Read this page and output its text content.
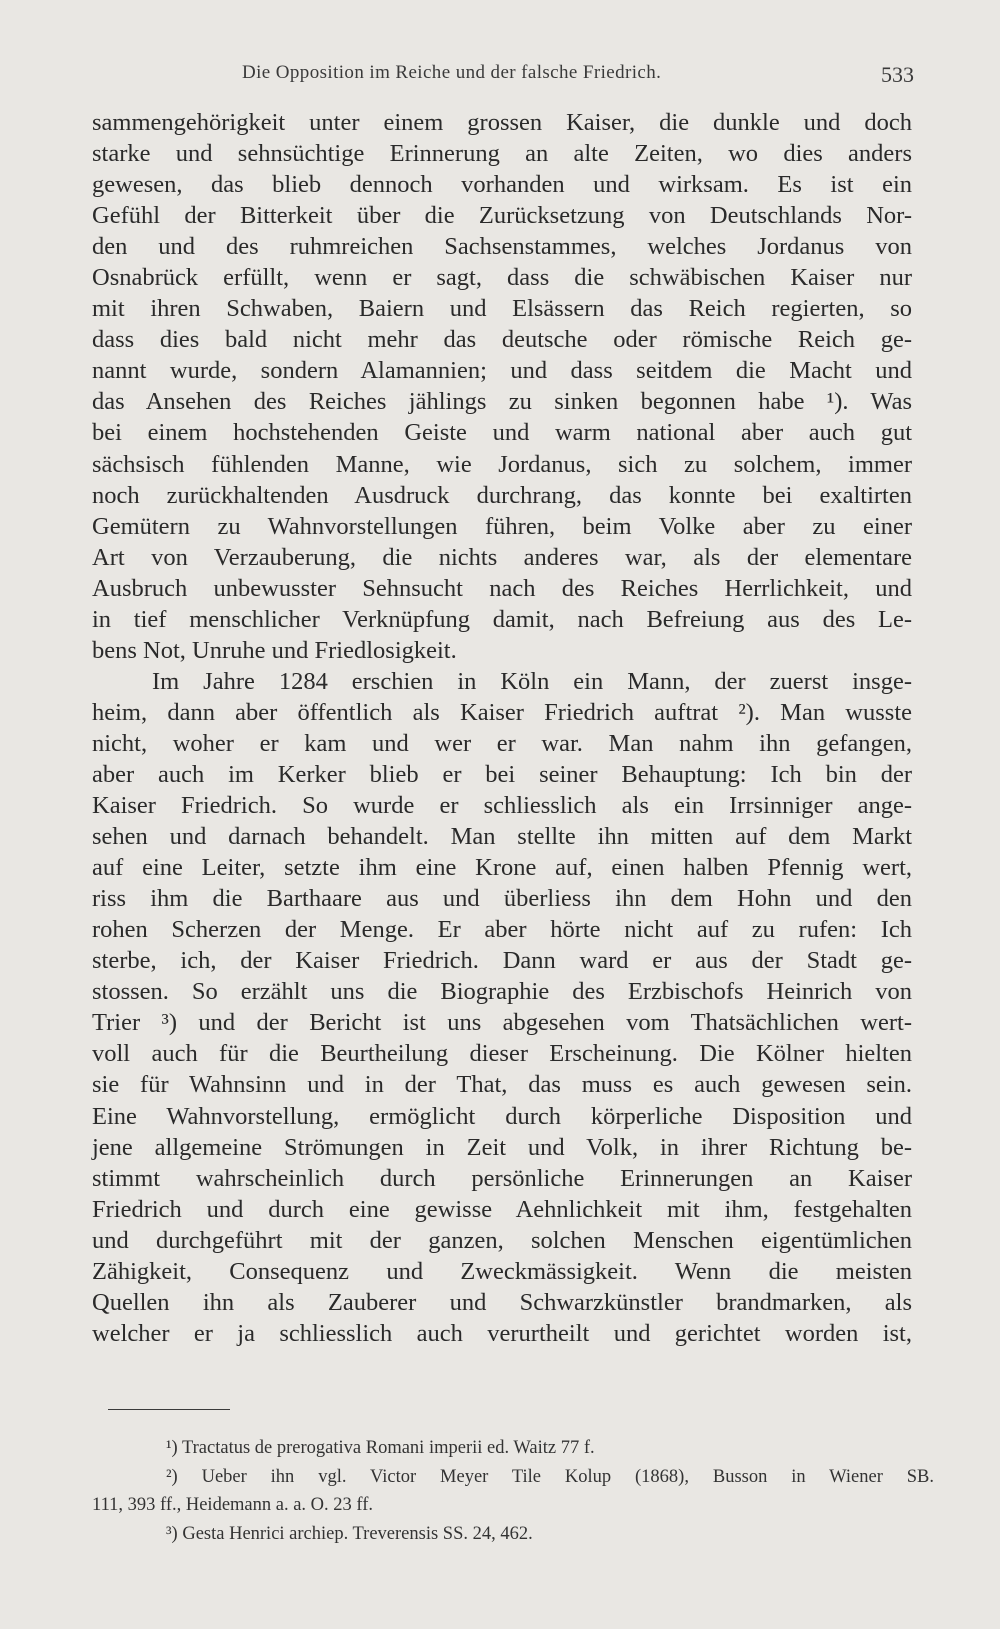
Die Opposition im Reiche und der falsche Friedrich.	533
sammengehörigkeit unter einem grossen Kaiser, die dunkle und doch
starke und sehnsüchtige Erinnerung an alte Zeiten, wo dies anders
gewesen, das blieb dennoch vorhanden und wirksam. Es ist ein
Gefühl der Bitterkeit über die Zurücksetzung von Deutschlands Nor-
den und des ruhmreichen Sachsenstammes, welches Jordanus von
Osnabrück erfüllt, wenn er sagt, dass die schwäbischen Kaiser nur
mit ihren Schwaben, Baiern und Elsässern das Reich regierten, so
dass dies bald nicht mehr das deutsche oder römische Reich ge-
nannt wurde, sondern Alamannien; und dass seitdem die Macht und
das Ansehen des Reiches jählings zu sinken begonnen habe ¹). Was
bei einem hochstehenden Geiste und warm national aber auch gut
sächsisch fühlenden Manne, wie Jordanus, sich zu solchem, immer
noch zurückhaltenden Ausdruck durchrang, das konnte bei exaltirten
Gemütern zu Wahnvorstellungen führen, beim Volke aber zu einer
Art von Verzauberung, die nichts anderes war, als der elementare
Ausbruch unbewusster Sehnsucht nach des Reiches Herrlichkeit, und
in tief menschlicher Verknüpfung damit, nach Befreiung aus des Le-
bens Not, Unruhe und Friedlosigkeit.
Im Jahre 1284 erschien in Köln ein Mann, der zuerst insge-
heim, dann aber öffentlich als Kaiser Friedrich auftrat ²). Man wusste
nicht, woher er kam und wer er war. Man nahm ihn gefangen,
aber auch im Kerker blieb er bei seiner Behauptung: Ich bin der
Kaiser Friedrich. So wurde er schliesslich als ein Irrsinniger ange-
sehen und darnach behandelt. Man stellte ihn mitten auf dem Markt
auf eine Leiter, setzte ihm eine Krone auf, einen halben Pfennig wert,
riss ihm die Barthaare aus und überliess ihn dem Hohn und den
rohen Scherzen der Menge. Er aber hörte nicht auf zu rufen: Ich
sterbe, ich, der Kaiser Friedrich. Dann ward er aus der Stadt ge-
stossen. So erzählt uns die Biographie des Erzbischofs Heinrich von
Trier ³) und der Bericht ist uns abgesehen vom Thatsächlichen wert-
voll auch für die Beurtheilung dieser Erscheinung. Die Kölner hielten
sie für Wahnsinn und in der That, das muss es auch gewesen sein.
Eine Wahnvorstellung, ermöglicht durch körperliche Disposition und
jene allgemeine Strömungen in Zeit und Volk, in ihrer Richtung be-
stimmt wahrscheinlich durch persönliche Erinnerungen an Kaiser
Friedrich und durch eine gewisse Aehnlichkeit mit ihm, festgehalten
und durchgeführt mit der ganzen, solchen Menschen eigentümlichen
Zähigkeit, Consequenz und Zweckmässigkeit. Wenn die meisten
Quellen ihn als Zauberer und Schwarzkünstler brandmarken, als
welcher er ja schliesslich auch verurtheilt und gerichtet worden ist,
¹) Tractatus de prerogativa Romani imperii ed. Waitz 77 f.
²) Ueber ihn vgl. Victor Meyer Tile Kolup (1868), Busson in Wiener SB.
111, 393 ff., Heidemann a. a. O. 23 ff.
³) Gesta Henrici archiep. Treverensis SS. 24, 462.
